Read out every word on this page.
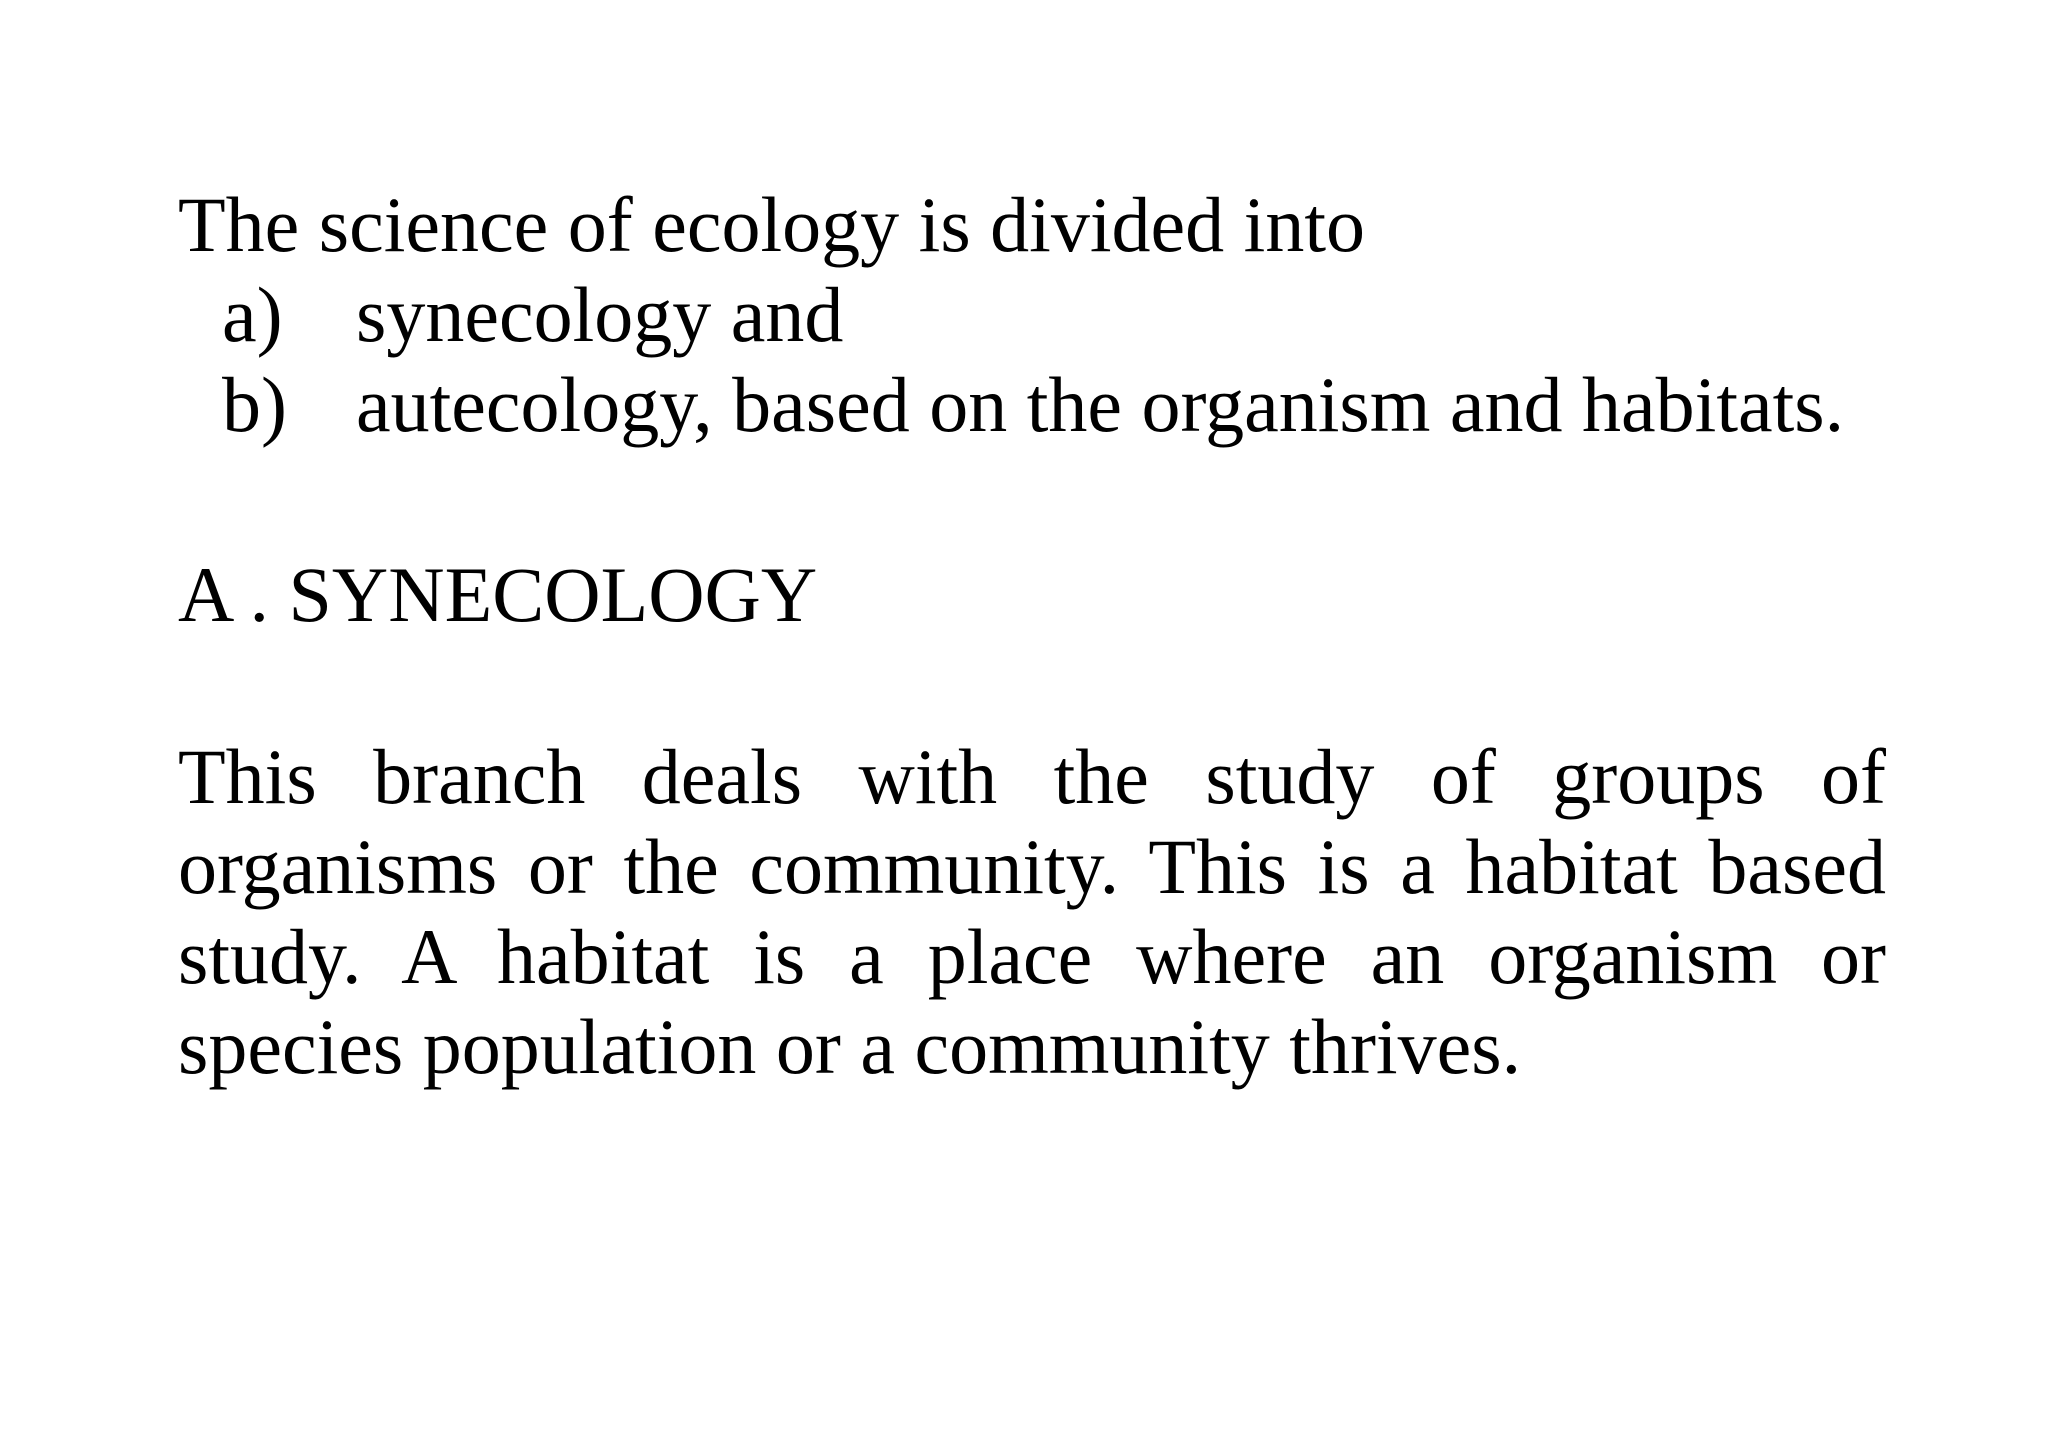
The science of ecology is divided into
a) synecology and
b) autecology, based on the organism and habitats.
A . SYNECOLOGY

This branch deals with the study of groups of organisms or the community. This is a habitat based study. A habitat is a place where an organism or species population or a community thrives.
